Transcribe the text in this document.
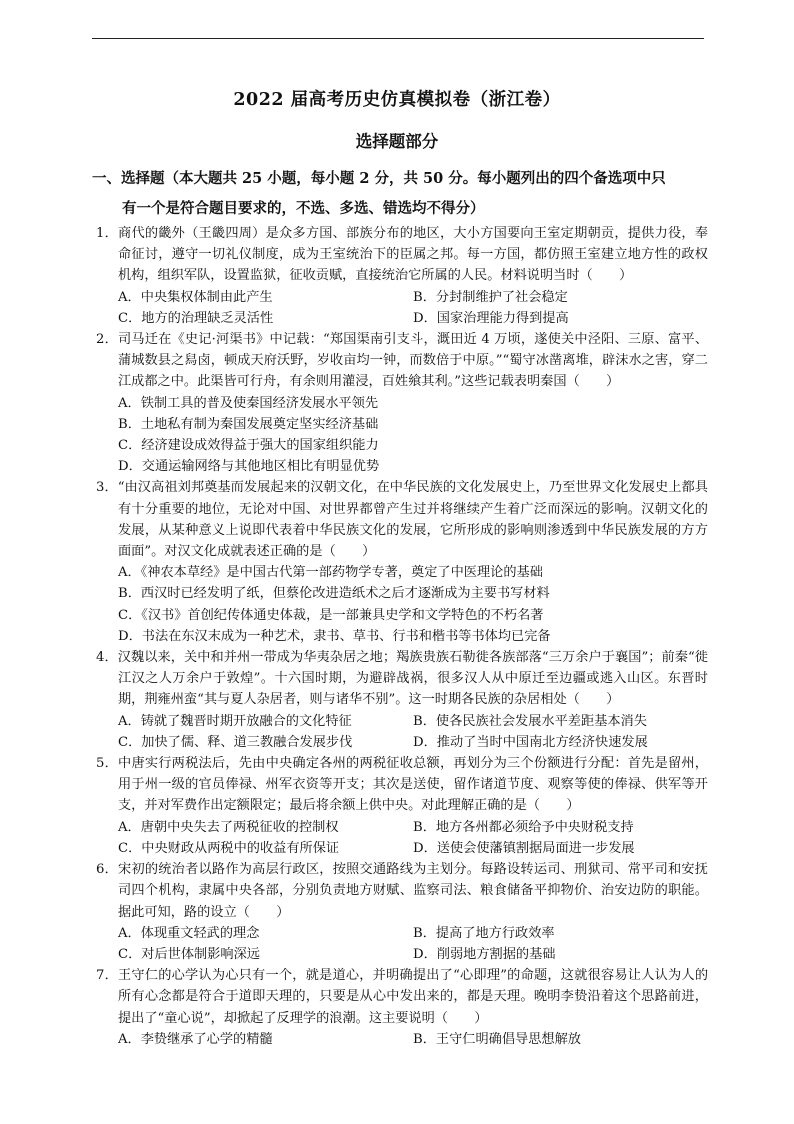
2022 届高考历史仿真模拟卷（浙江卷）
选择题部分
一、选择题（本大题共 25 小题，每小题 2 分，共 50 分。每小题列出的四个备选项中只
有一个是符合题目要求的，不选、多选、错选均不得分）
1．商代的畿外（王畿四周）是众多方国、部族分布的地区，大小方国要向王室定期朝贡，提供力役，奉命征讨，遵守一切礼仪制度，成为王室统治下的臣属之邦。每一方国，都仿照王室建立地方性的政权机构，组织军队，设置监狱，征收贡赋，直接统治它所属的人民。材料说明当时（　　）
A．中央集权体制由此产生	B．分封制维护了社会稳定
C．地方的治理缺乏灵活性	D．国家治理能力得到提高
2．司马迁在《史记·河渠书》中记载：“郑国渠南引支斗，溉田近 4 万顷，遂使关中泾阳、三原、富平、蒲城数县之舄卤，顿成天府沃野，岁收亩均一钟，而数倍于中原。”“蜀守冰凿离堆，辟沫水之害，穿二江成都之中。此渠皆可行舟，有余则用灌浸，百姓飨其利。”这些记载表明秦国（　　）
A．铁制工具的普及使秦国经济发展水平领先
B．土地私有制为秦国发展奠定坚实经济基础
C．经济建设成效得益于强大的国家组织能力
D．交通运输网络与其他地区相比有明显优势
3．“由汉高祖刘邦奠基而发展起来的汉朝文化，在中华民族的文化发展史上，乃至世界文化发展史上都具有十分重要的地位，无论对中国、对世界都曾产生过并将继续产生着广泛而深远的影响。汉朝文化的发展，从某种意义上说即代表着中华民族文化的发展，它所形成的影响则渗透到中华民族发展的方方面面”。对汉文化成就表述正确的是（　　）
A．《神农本草经》是中国古代第一部药物学专著，奠定了中医理论的基础
B．西汉时已经发明了纸，但蔡伦改进造纸术之后才逐渐成为主要书写材料
C．《汉书》首创纪传体通史体裁，是一部兼具史学和文学特色的不朽名著
D．书法在东汉末成为一种艺术，隶书、草书、行书和楷书等书体均已完备
4．汉魏以来，关中和并州一带成为华夷杂居之地；羯族贵族石勒徙各族部落“三万余户于襄国”；前秦“徙江汉之人万余户于敦煌”。十六国时期，为避辟战祸，很多汉人从中原迁至边疆或逃入山区。东晋时期，荆雍州蛮“其与夏人杂居者，则与诸华不别”。这一时期各民族的杂居相处（　　）
A．铸就了魏晋时期开放融合的文化特征	B．使各民族社会发展水平差距基本消失
C．加快了儒、释、道三教融合发展步伐	D．推动了当时中国南北方经济快速发展
5．中唐实行两税法后，先由中央确定各州的两税征收总额，再划分为三个份额进行分配：首先是留州，用于州一级的官员俸禄、州军衣资等开支；其次是送使，留作诸道节度、观察等使的俸禄、供军等开支，并对军费作出定额限定；最后将余额上供中央。对此理解正确的是（　　）
A．唐朝中央失去了两税征收的控制权	B．地方各州都必须给予中央财税支持
C．中央财政从两税中的收益有所保证	D．送使会使藩镇割据局面进一步发展
6．宋初的统治者以路作为高层行政区，按照交通路线为主划分。每路设转运司、刑狱司、常平司和安抚司四个机构，隶属中央各部，分别负责地方财赋、监察司法、粮食储备平抑物价、治安边防的职能。据此可知，路的设立（　　）
A．体现重文轻武的理念	B．提高了地方行政效率
C．对后世体制影响深远	D．削弱地方割据的基础
7．王守仁的心学认为心只有一个，就是道心，并明确提出了“心即理”的命题，这就很容易让人认为人的所有心念都是符合于道即天理的，只要是从心中发出来的，都是天理。晚明李贽沿着这个思路前进，提出了“童心说”，却掀起了反理学的浪潮。这主要说明（　　）
A．李贽继承了心学的精髓	B．王守仁明确倡导思想解放
